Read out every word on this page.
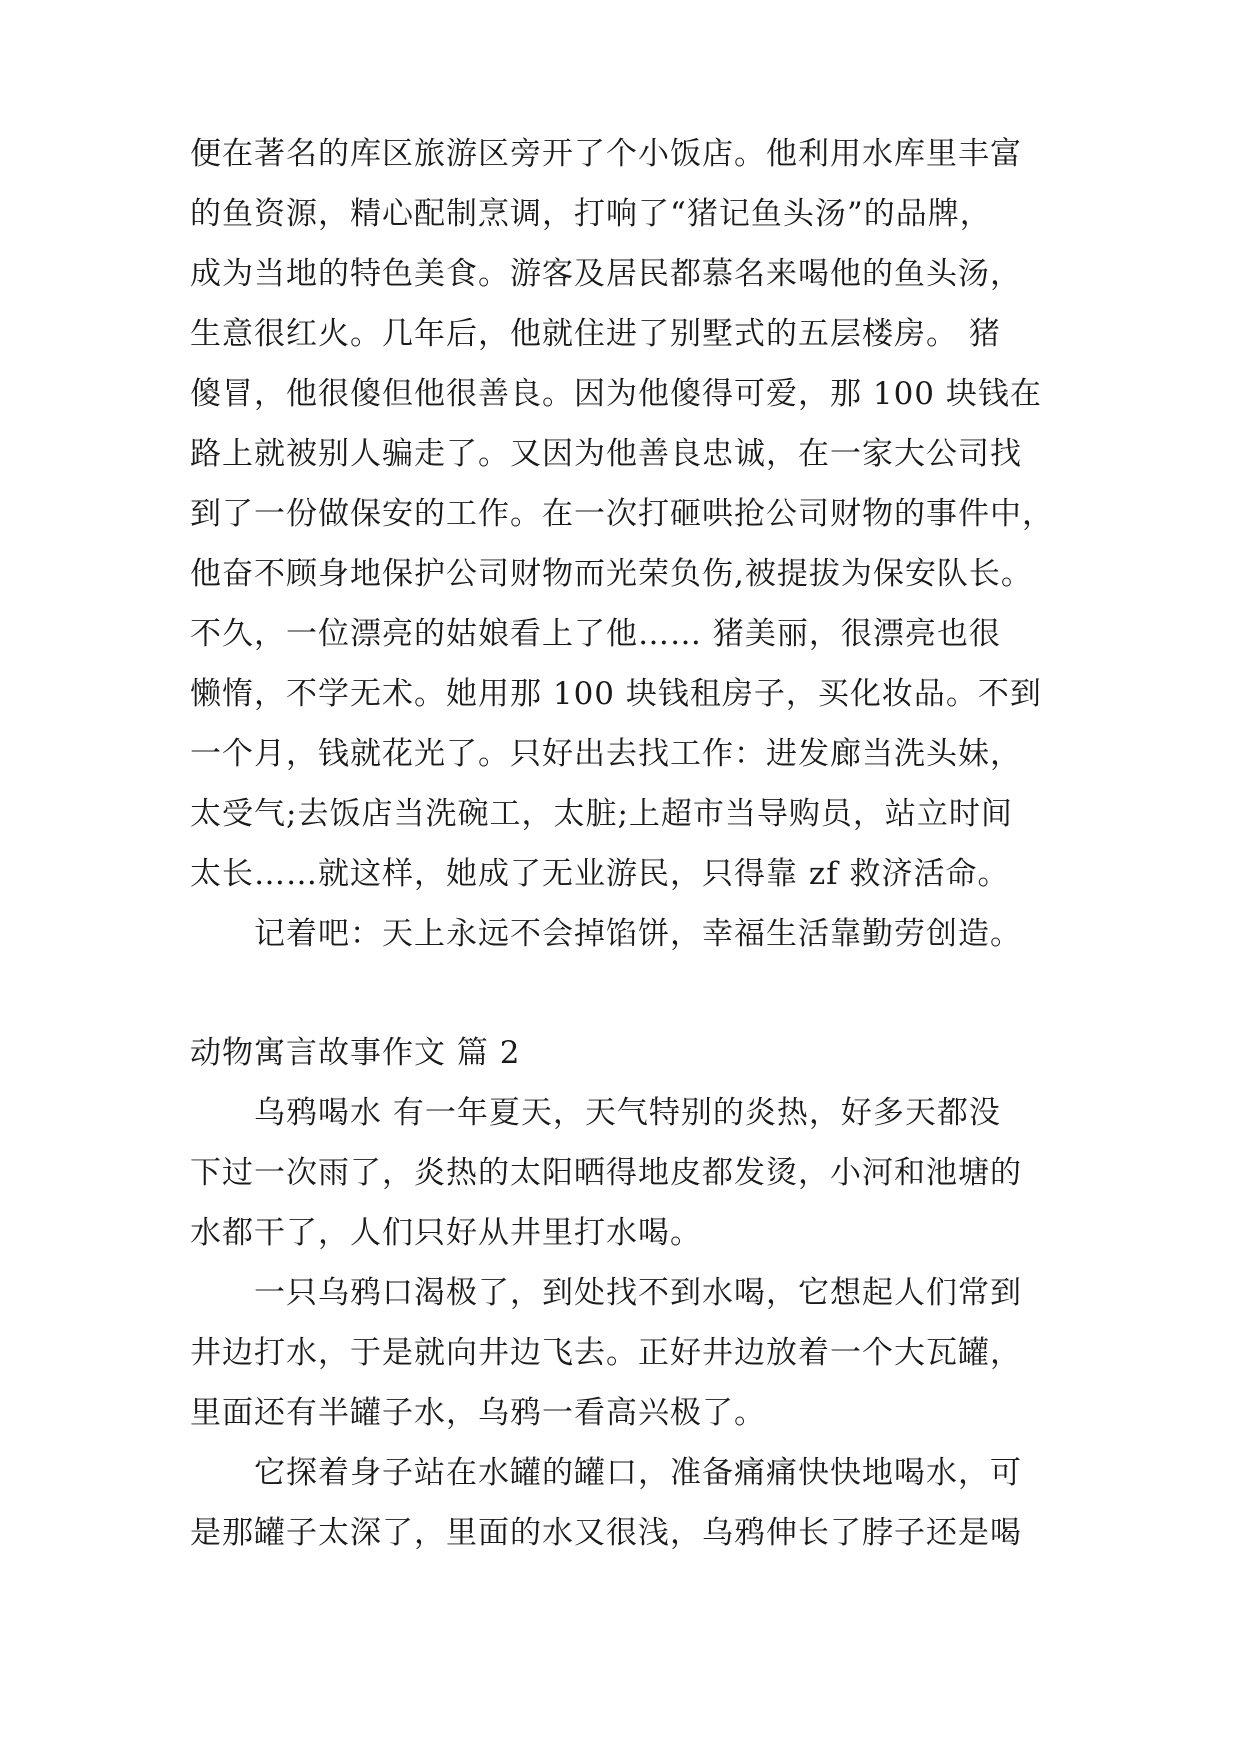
便在著名的库区旅游区旁开了个小饭店。他利用水库里丰富
的鱼资源，精心配制烹调，打响了“猪记鱼头汤”的品牌，
成为当地的特色美食。游客及居民都慕名来喝他的鱼头汤，
生意很红火。几年后，他就住进了别墅式的五层楼房。 猪
傻冒，他很傻但他很善良。因为他傻得可爱，那 100 块钱在
路上就被别人骗走了。又因为他善良忠诚，在一家大公司找
到了一份做保安的工作。在一次打砸哄抢公司财物的事件中，
他奋不顾身地保护公司财物而光荣负伤,被提拔为保安队长。
不久，一位漂亮的姑娘看上了他…… 猪美丽，很漂亮也很
懒惰，不学无术。她用那 100 块钱租房子，买化妆品。不到
一个月，钱就花光了。只好出去找工作：进发廊当洗头妹，
太受气;去饭店当洗碗工，太脏;上超市当导购员，站立时间
太长……就这样，她成了无业游民，只得靠 zf 救济活命。
记着吧：天上永远不会掉馅饼，幸福生活靠勤劳创造。
动物寓言故事作文 篇 2
乌鸦喝水 有一年夏天，天气特别的炎热，好多天都没
下过一次雨了，炎热的太阳晒得地皮都发烫，小河和池塘的
水都干了，人们只好从井里打水喝。
一只乌鸦口渴极了，到处找不到水喝，它想起人们常到
井边打水，于是就向井边飞去。正好井边放着一个大瓦罐，
里面还有半罐子水，乌鸦一看高兴极了。
它探着身子站在水罐的罐口，准备痛痛快快地喝水，可
是那罐子太深了，里面的水又很浅，乌鸦伸长了脖子还是喝
